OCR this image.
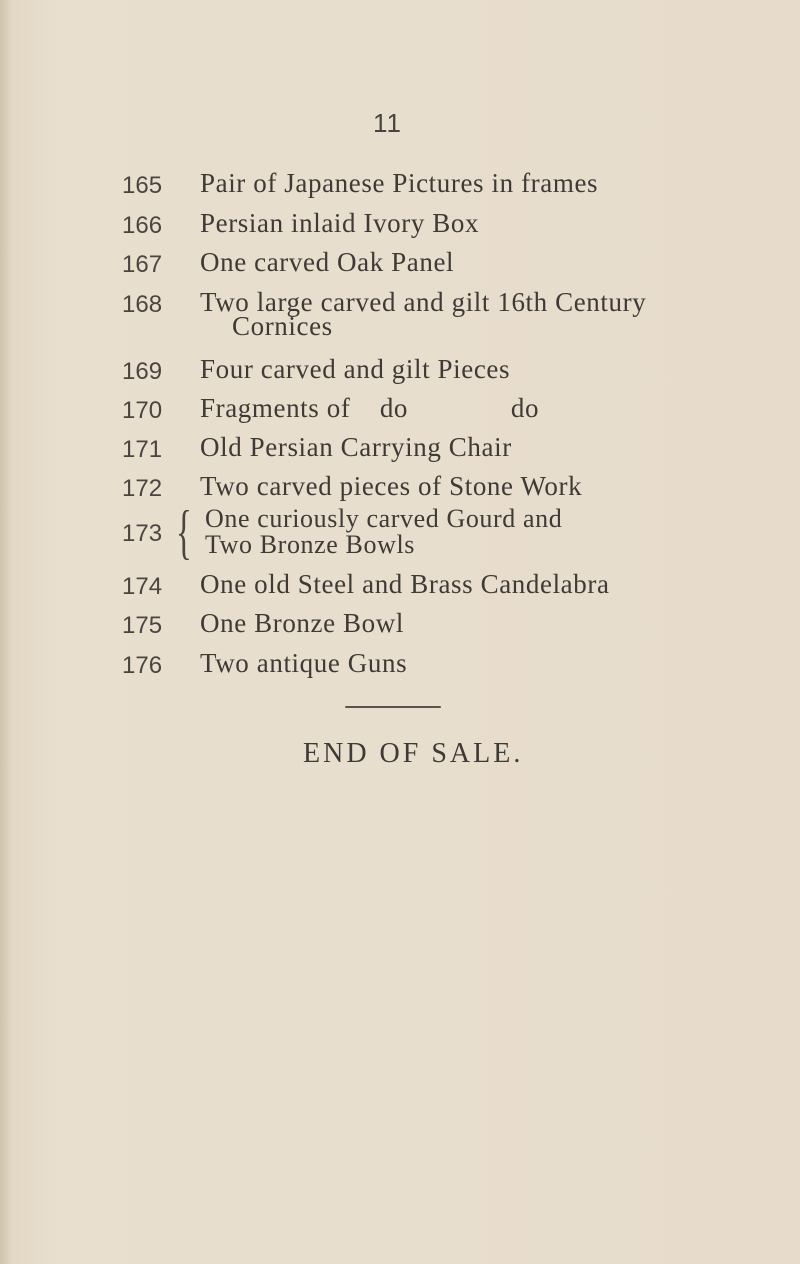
11
165 Pair of Japanese Pictures in frames
166 Persian inlaid Ivory Box
167 One carved Oak Panel
168 Two large carved and gilt 16th Century
Cornices
169 Four carved and gilt Pieces
170 Fragments of    do              do
171 Old Persian Carrying Chair
172 Two carved pieces of Stone Work
173 { One curiously carved Gourd and
Two Bronze Bowls
174 One old Steel and Brass Candelabra
175 One Bronze Bowl
176 Two antique Guns
END OF SALE.
